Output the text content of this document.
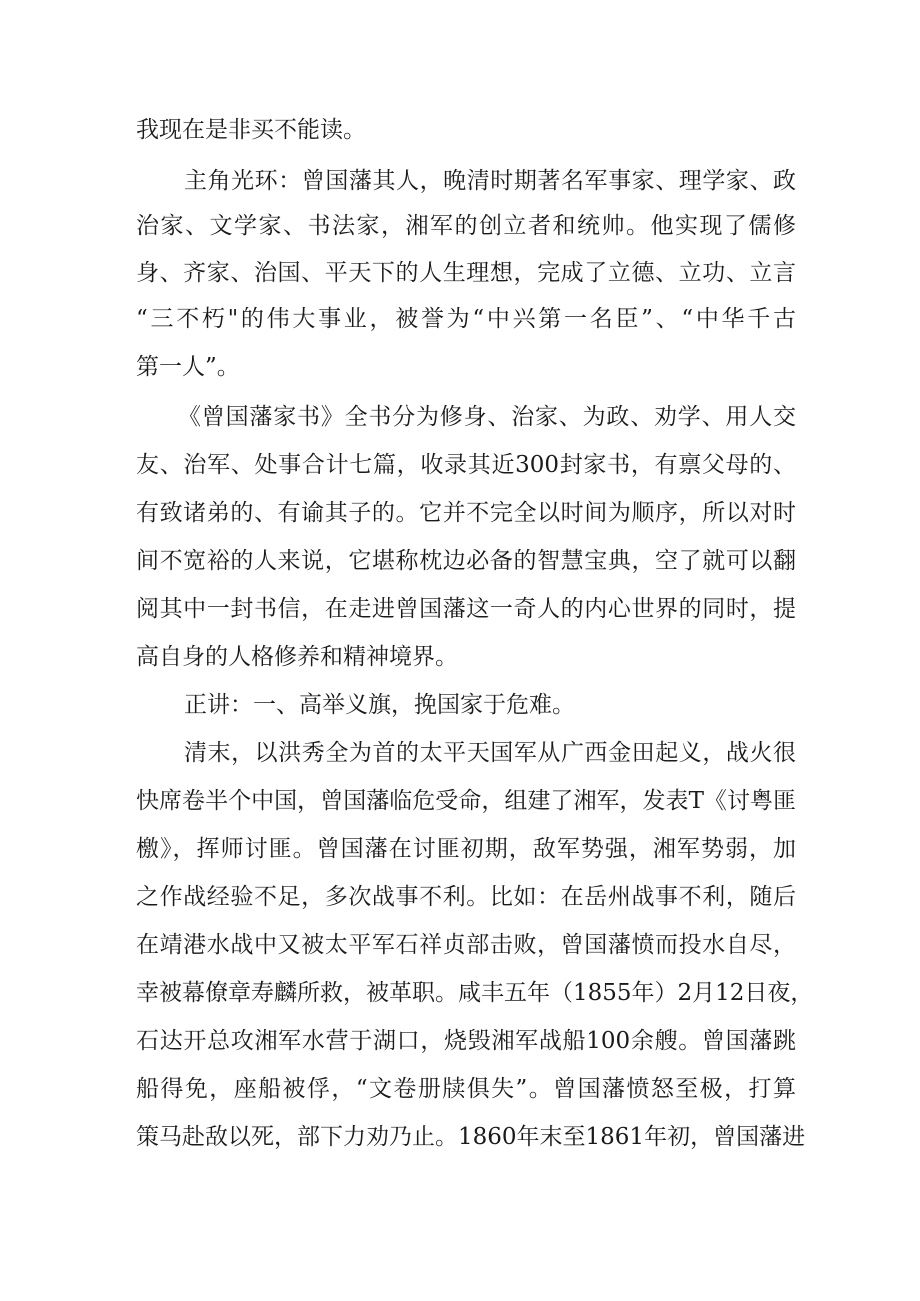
我现在是非买不能读。
主角光环：曾国藩其人，晚清时期著名军事家、理学家、政
治家、文学家、书法家，湘军的创立者和统帅。他实现了儒修
身、齐家、治国、平天下的人生理想，完成了立德、立功、立言
“三不朽"的伟大事业，被誉为“中兴第一名臣”、“中华千古
第一人”。
《曾国藩家书》全书分为修身、治家、为政、劝学、用人交
友、治军、处事合计七篇，收录其近300封家书，有禀父母的、
有致诸弟的、有谕其子的。它并不完全以时间为顺序，所以对时
间不宽裕的人来说，它堪称枕边必备的智慧宝典，空了就可以翻
阅其中一封书信，在走进曾国藩这一奇人的内心世界的同时，提
高自身的人格修养和精神境界。
正讲：一、高举义旗，挽国家于危难。
清末，以洪秀全为首的太平天国军从广西金田起义，战火很
快席卷半个中国，曾国藩临危受命，组建了湘军，发表T《讨粤匪
檄》，挥师讨匪。曾国藩在讨匪初期，敌军势强，湘军势弱，加
之作战经验不足，多次战事不利。比如：在岳州战事不利，随后
在靖港水战中又被太平军石祥贞部击败，曾国藩愤而投水自尽，
幸被幕僚章寿麟所救，被革职。咸丰五年（1855年）2月12日夜，
石达开总攻湘军水营于湖口，烧毁湘军战船100余艘。曾国藩跳
船得免，座船被俘，“文卷册牍俱失”。曾国藩愤怒至极，打算
策马赴敌以死，部下力劝乃止。1860年末至1861年初，曾国藩进
